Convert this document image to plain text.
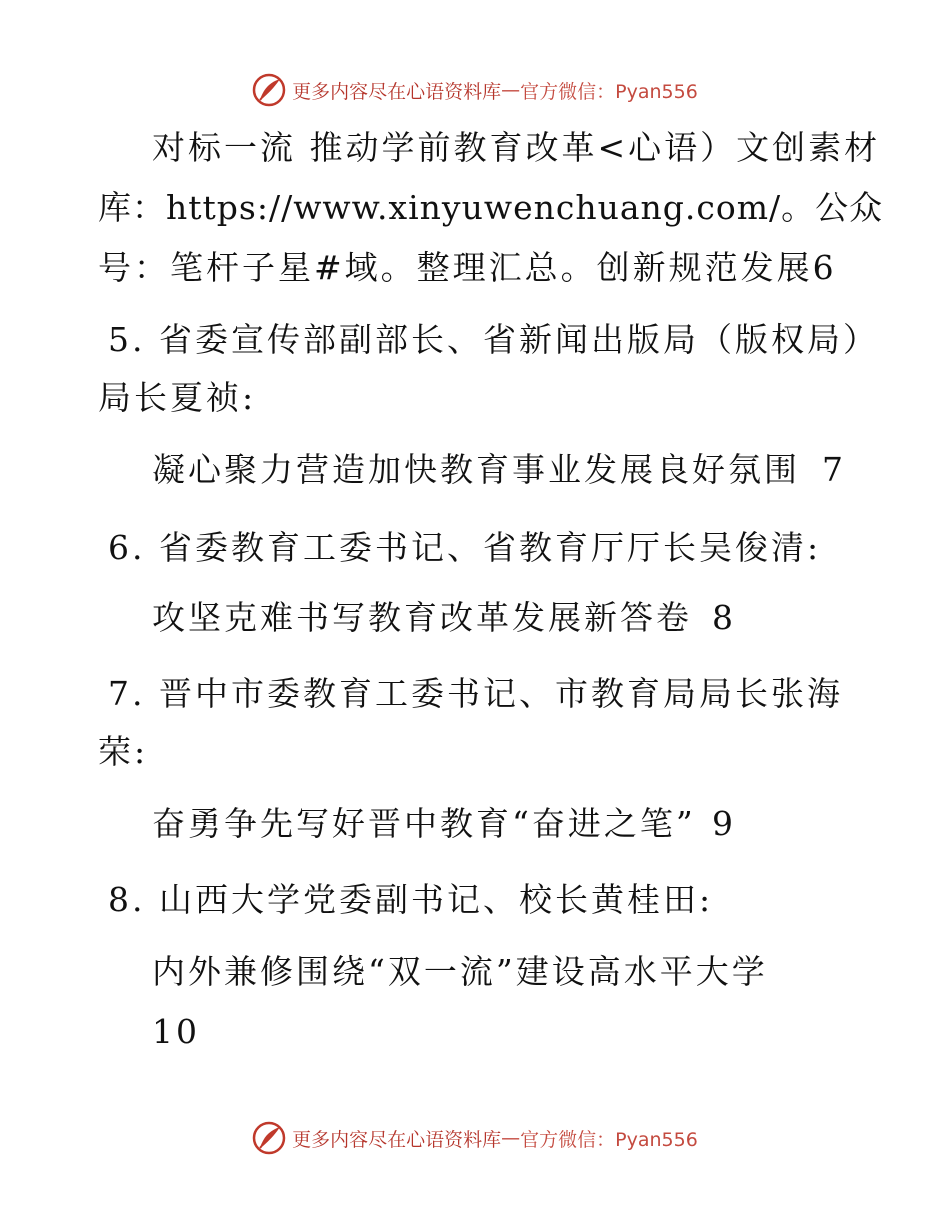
更多内容尽在心语资料库 — 官方微信：Pyan556
对标一流 推动学前教育改革<心语）文创素材
库：https://www.xinyuwenchuang.com/。公众
号：笔杆子星#域。整理汇总。创新规范发展6
5. 省委宣传部副部长、省新闻出版局（版权局）
局长夏祯:
凝心聚力营造加快教育事业发展良好氛围 7
6. 省委教育工委书记、省教育厅厅长吴俊清:
攻坚克难书写教育改革发展新答卷 8
7. 晋中市委教育工委书记、市教育局局长张海
荣:
奋勇争先写好晋中教育“奋进之笔” 9
8. 山西大学党委副书记、校长黄桂田:
内外兼修围绕“双一流”建设高水平大学
10
更多内容尽在心语资料库 — 官方微信：Pyan556
